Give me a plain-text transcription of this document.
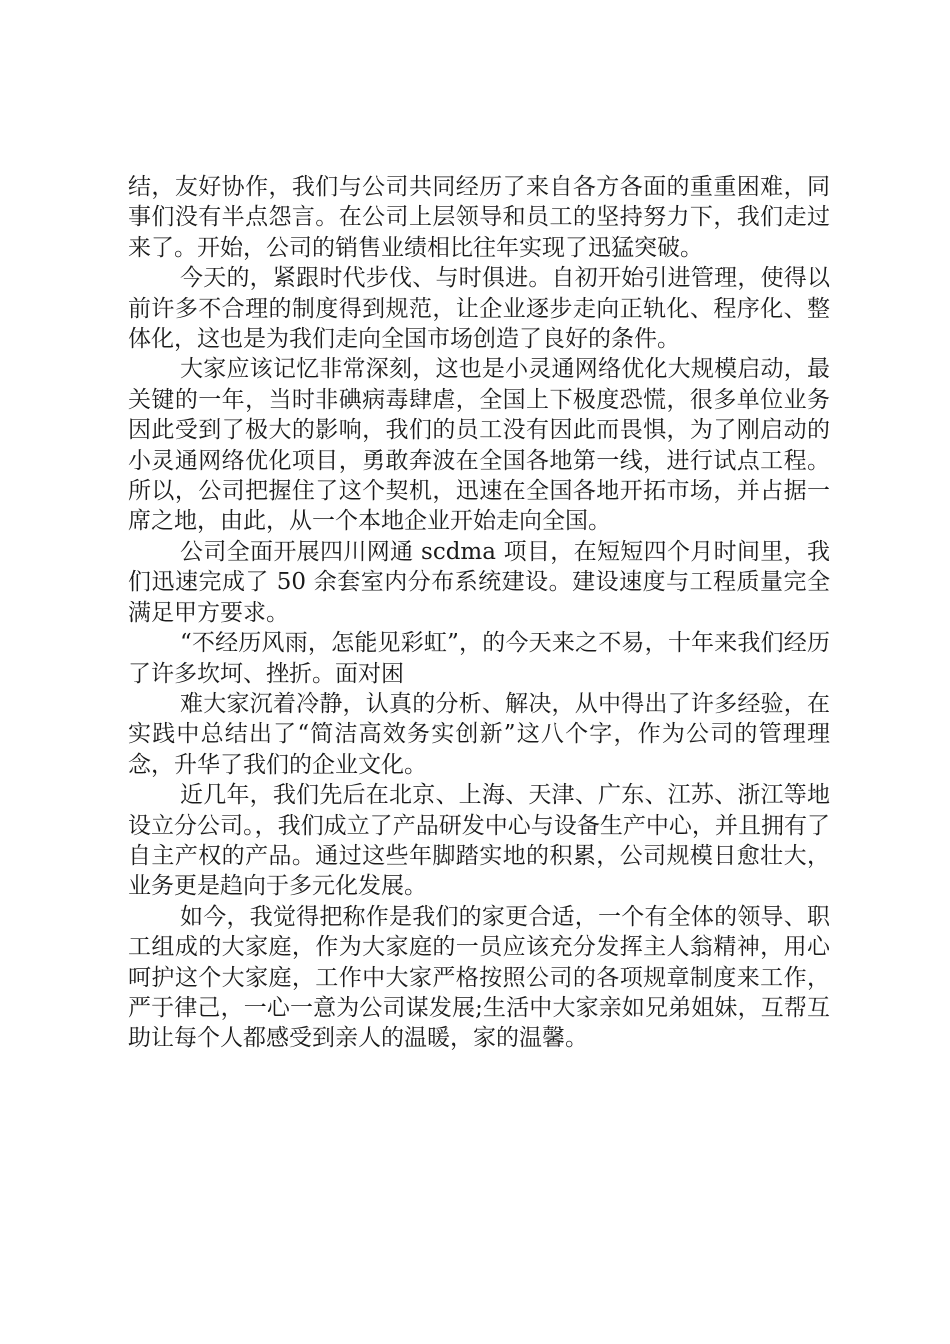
结，友好协作，我们与公司共同经历了来自各方各面的重重困难，同事们没有半点怨言。在公司上层领导和员工的坚持努力下，我们走过来了。开始，公司的销售业绩相比往年实现了迅猛突破。

今天的，紧跟时代步伐、与时俱进。自初开始引进管理，使得以前许多不合理的制度得到规范，让企业逐步走向正轨化、程序化、整体化，这也是为我们走向全国市场创造了良好的条件。

大家应该记忆非常深刻，这也是小灵通网络优化大规模启动，最关键的一年，当时非碘病毒肆虐，全国上下极度恐慌，很多单位业务因此受到了极大的影响，我们的员工没有因此而畏惧，为了刚启动的小灵通网络优化项目，勇敢奔波在全国各地第一线，进行试点工程。所以，公司把握住了这个契机，迅速在全国各地开拓市场，并占据一席之地，由此，从一个本地企业开始走向全国。

公司全面开展四川网通 scdma 项目，在短短四个月时间里，我们迅速完成了 50 余套室内分布系统建设。建设速度与工程质量完全满足甲方要求。

“不经历风雨，怎能见彩虹”，的今天来之不易，十年来我们经历了许多坎坷、挫折。面对困

难大家沉着冷静，认真的分析、解决，从中得出了许多经验，在实践中总结出了“简洁高效务实创新”这八个字，作为公司的管理理念，升华了我们的企业文化。

近几年，我们先后在北京、上海、天津、广东、江苏、浙江等地设立分公司。，我们成立了产品研发中心与设备生产中心，并且拥有了自主产权的产品。通过这些年脚踏实地的积累，公司规模日愈壮大，业务更是趋向于多元化发展。

如今，我觉得把称作是我们的家更合适，一个有全体的领导、职工组成的大家庭，作为大家庭的一员应该充分发挥主人翁精神，用心呵护这个大家庭，工作中大家严格按照公司的各项规章制度来工作，严于律己，一心一意为公司谋发展;生活中大家亲如兄弟姐妹，互帮互助让每个人都感受到亲人的温暖，家的温馨。
